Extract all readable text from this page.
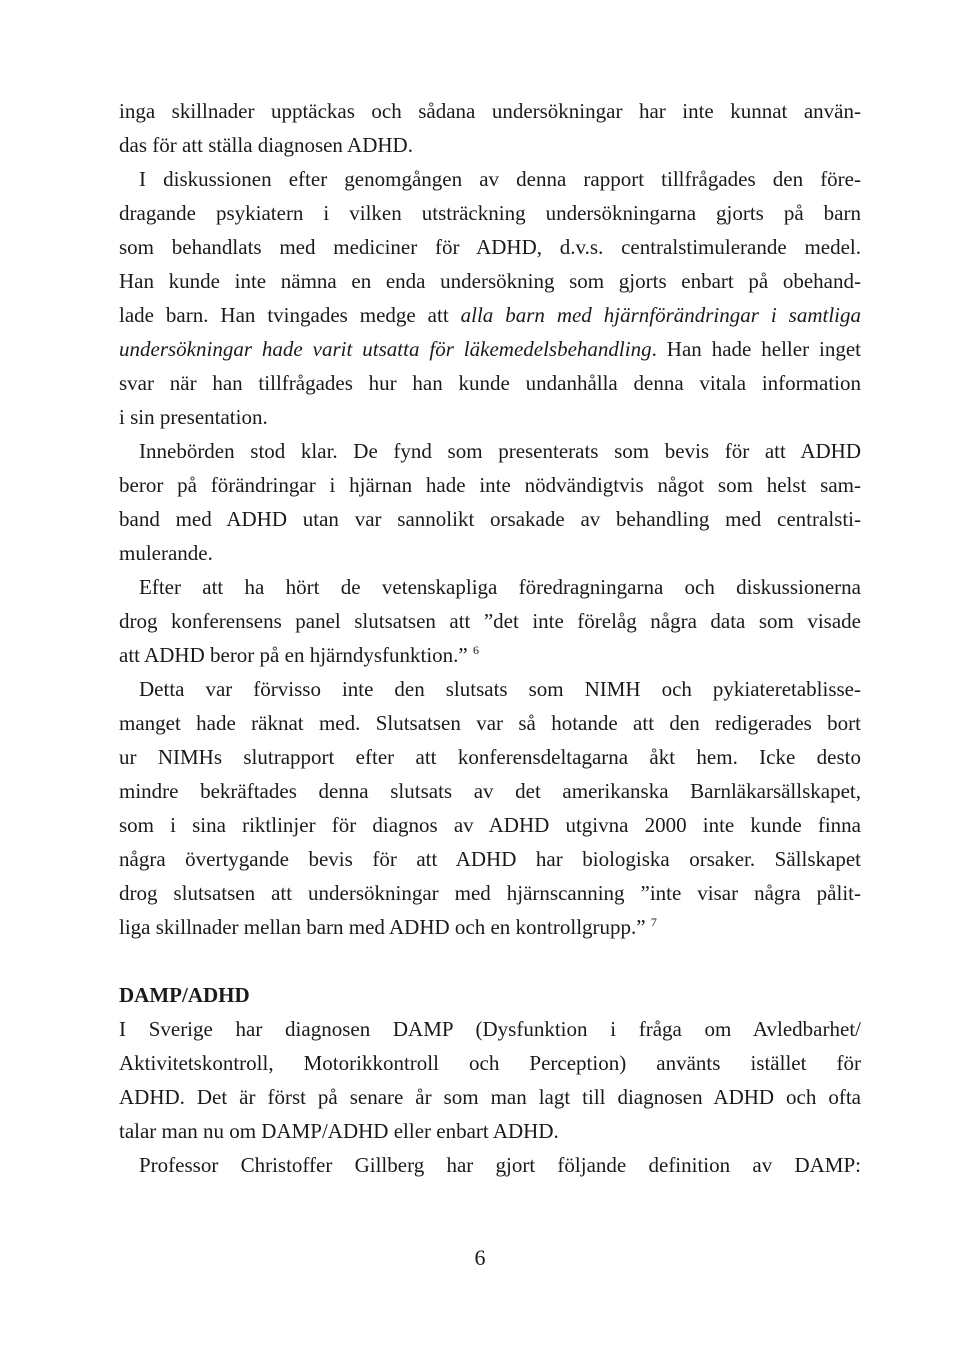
inga skillnader upptäckas och sådana undersökningar har inte kunnat använ-
das för att ställa diagnosen ADHD.

I diskussionen efter genomgången av denna rapport tillfrågades den före-
dragande psykiatern i vilken utsträckning undersökningarna gjorts på barn
som behandlats med mediciner för ADHD, d.v.s. centralstimulerande medel.
Han kunde inte nämna en enda undersökning som gjorts enbart på obehand-
lade barn. Han tvingades medge att alla barn med hjärnförändringar i samtliga
undersökningar hade varit utsatta för läkemedelsbehandling. Han hade heller inget
svar när han tillfrågades hur han kunde undanhålla denna vitala information
i sin presentation.

Innebörden stod klar. De fynd som presenterats som bevis för att ADHD
beror på förändringar i hjärnan hade inte nödvändigtvis något som helst sam-
band med ADHD utan var sannolikt orsakade av behandling med centralsti-
mulerande.

Efter att ha hört de vetenskapliga föredragningarna och diskussionerna
drog konferensens panel slutsatsen att ”det inte förelåg några data som visade
att ADHD beror på en hjärndysfunktion.” $^6$

Detta var förvisso inte den slutsats som NIMH och pykiateretablisse-
manget hade räknat med. Slutsatsen var så hotande att den redigerades bort
ur NIMHs slutrapport efter att konferensdeltagarna åkt hem. Icke desto
mindre bekräftades denna slutsats av det amerikanska Barnläkarsällskapet,
som i sina riktlinjer för diagnos av ADHD utgivna 2000 inte kunde finna
några övertygande bevis för att ADHD har biologiska orsaker. Sällskapet
drog slutsatsen att undersökningar med hjärnscanning ”inte visar några pålit-
liga skillnader mellan barn med ADHD och en kontrollgrupp.” $^7$

DAMP/ADHD

I Sverige har diagnosen DAMP (Dysfunktion i fråga om Avledbarhet/
Aktivitetskontroll, Motorikkontroll och Perception) använts istället för
ADHD. Det är först på senare år som man lagt till diagnosen ADHD och ofta
talar man nu om DAMP/ADHD eller enbart ADHD.

Professor Christoffer Gillberg har gjort följande definition av DAMP:

6
